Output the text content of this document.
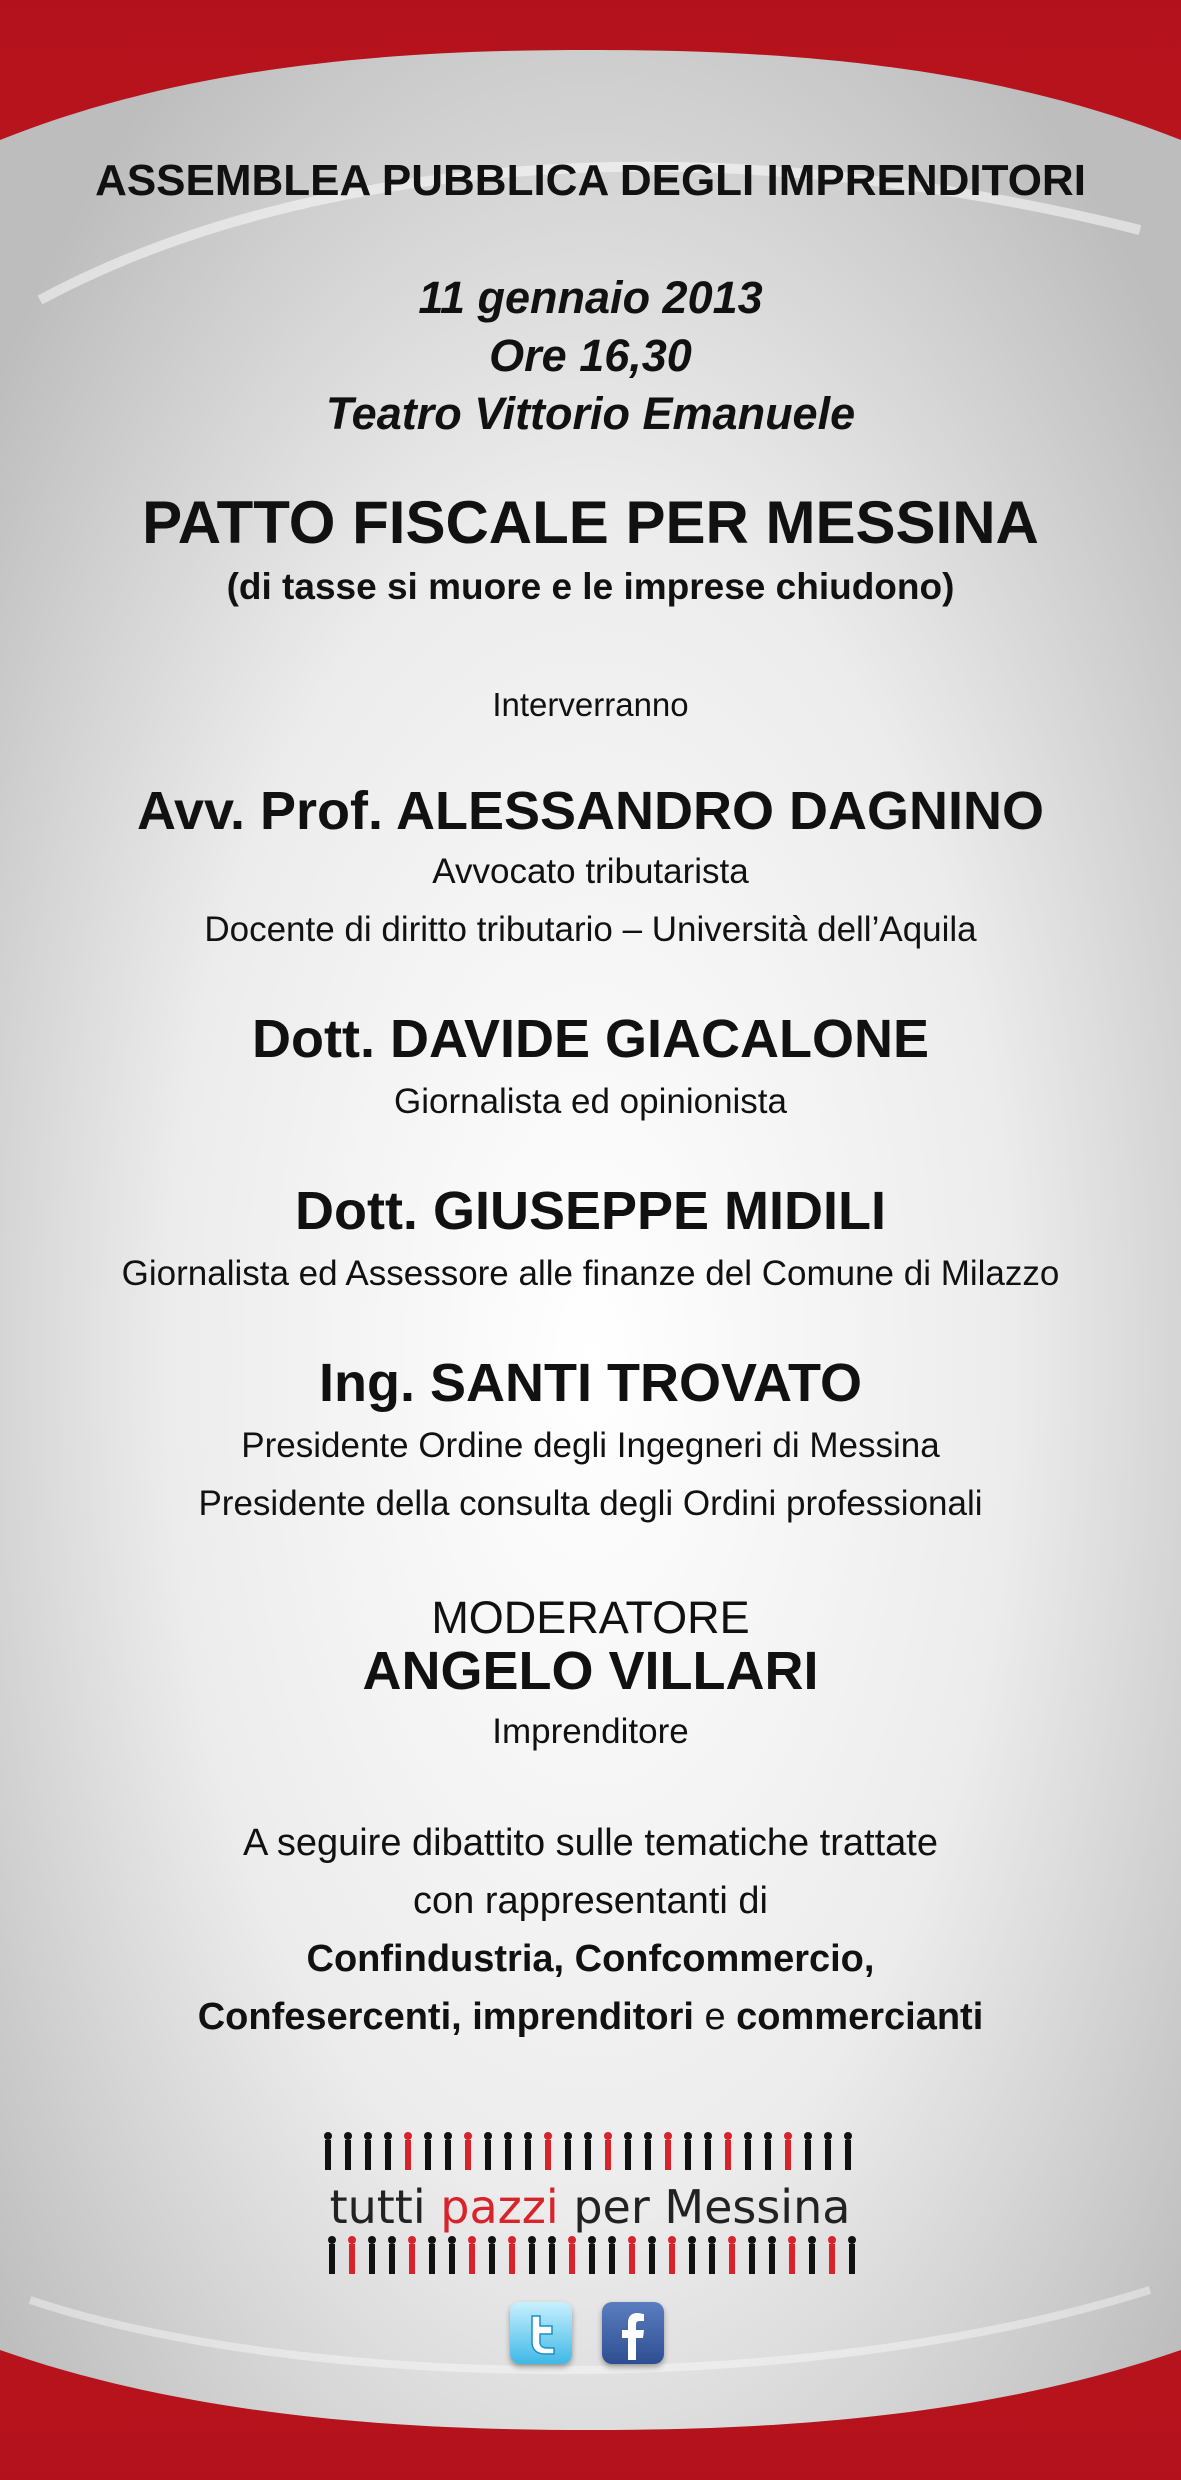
ASSEMBLEA PUBBLICA DEGLI IMPRENDITORI
11 gennaio 2013
Ore 16,30
Teatro Vittorio Emanuele
PATTO FISCALE PER MESSINA
(di tasse si muore e le imprese chiudono)
Interverranno
Avv. Prof. ALESSANDRO DAGNINO
Avvocato tributarista
Docente di diritto tributario – Università dell’Aquila
Dott. DAVIDE GIACALONE
Giornalista ed opinionista
Dott. GIUSEPPE MIDILI
Giornalista ed Assessore alle finanze del Comune di Milazzo
Ing. SANTI TROVATO
Presidente Ordine degli Ingegneri di Messina
Presidente della consulta degli Ordini professionali
MODERATORE
ANGELO VILLARI
Imprenditore
A seguire dibattito sulle tematiche trattate
con rappresentanti di
Confindustria, Confcommercio,
Confesercenti, imprenditori e commercianti
tutti pazzi per Messina
